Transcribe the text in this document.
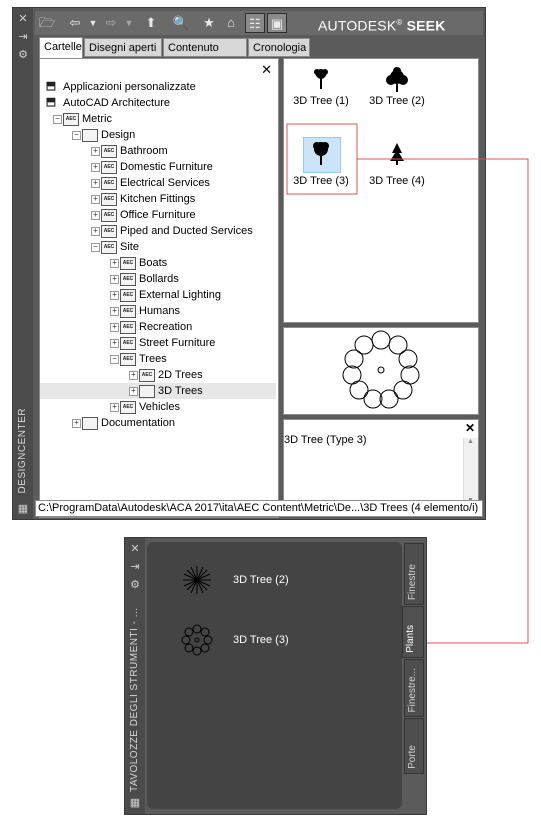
✕
⇥
⚙
DESIGNCENTER
▦
🗁	⇦ ▼ ⇨ ▼ ⬆	🔍	★ ⌂	☷ ▣ AUTODESK® SEEK
Cartelle Disegni aperti	Contenuto	Cronologia
✕
⬒ Applicazioni personalizzate
⬒ AutoCAD Architecture
−	AEC Metric
− Design
+	AEC Bathroom
+	AEC Domestic Furniture
+	AEC Electrical Services
+	AEC Kitchen Fittings
+	AEC Office Furniture
+	AEC Piped and Ducted Services
−	AEC Site
+	AEC Boats
+	AEC Bollards
+	AEC External Lighting
+	AEC Humans
+	AEC Recreation
+	AEC Street Furniture
−	AEC Trees
+	AEC 2D Trees
+ 3D Trees
+	AEC Vehicles
+ Documentation
3D Tree (1)	3D Tree (2)
3D Tree (3)	3D Tree (4)
3D Tree (Type 3)
✕
▲
C:\ProgramData\Autodesk\ACA 2017\ita\AEC Content\Metric\De...\3D Trees (4 elemento/i)
✕
⇥
⚙
TAVOLOZZE DEGLI STRUMENTI - ...
▦
3D Tree (2)
3D Tree (3)
Finestre
Plants
Finestre...
Porte
